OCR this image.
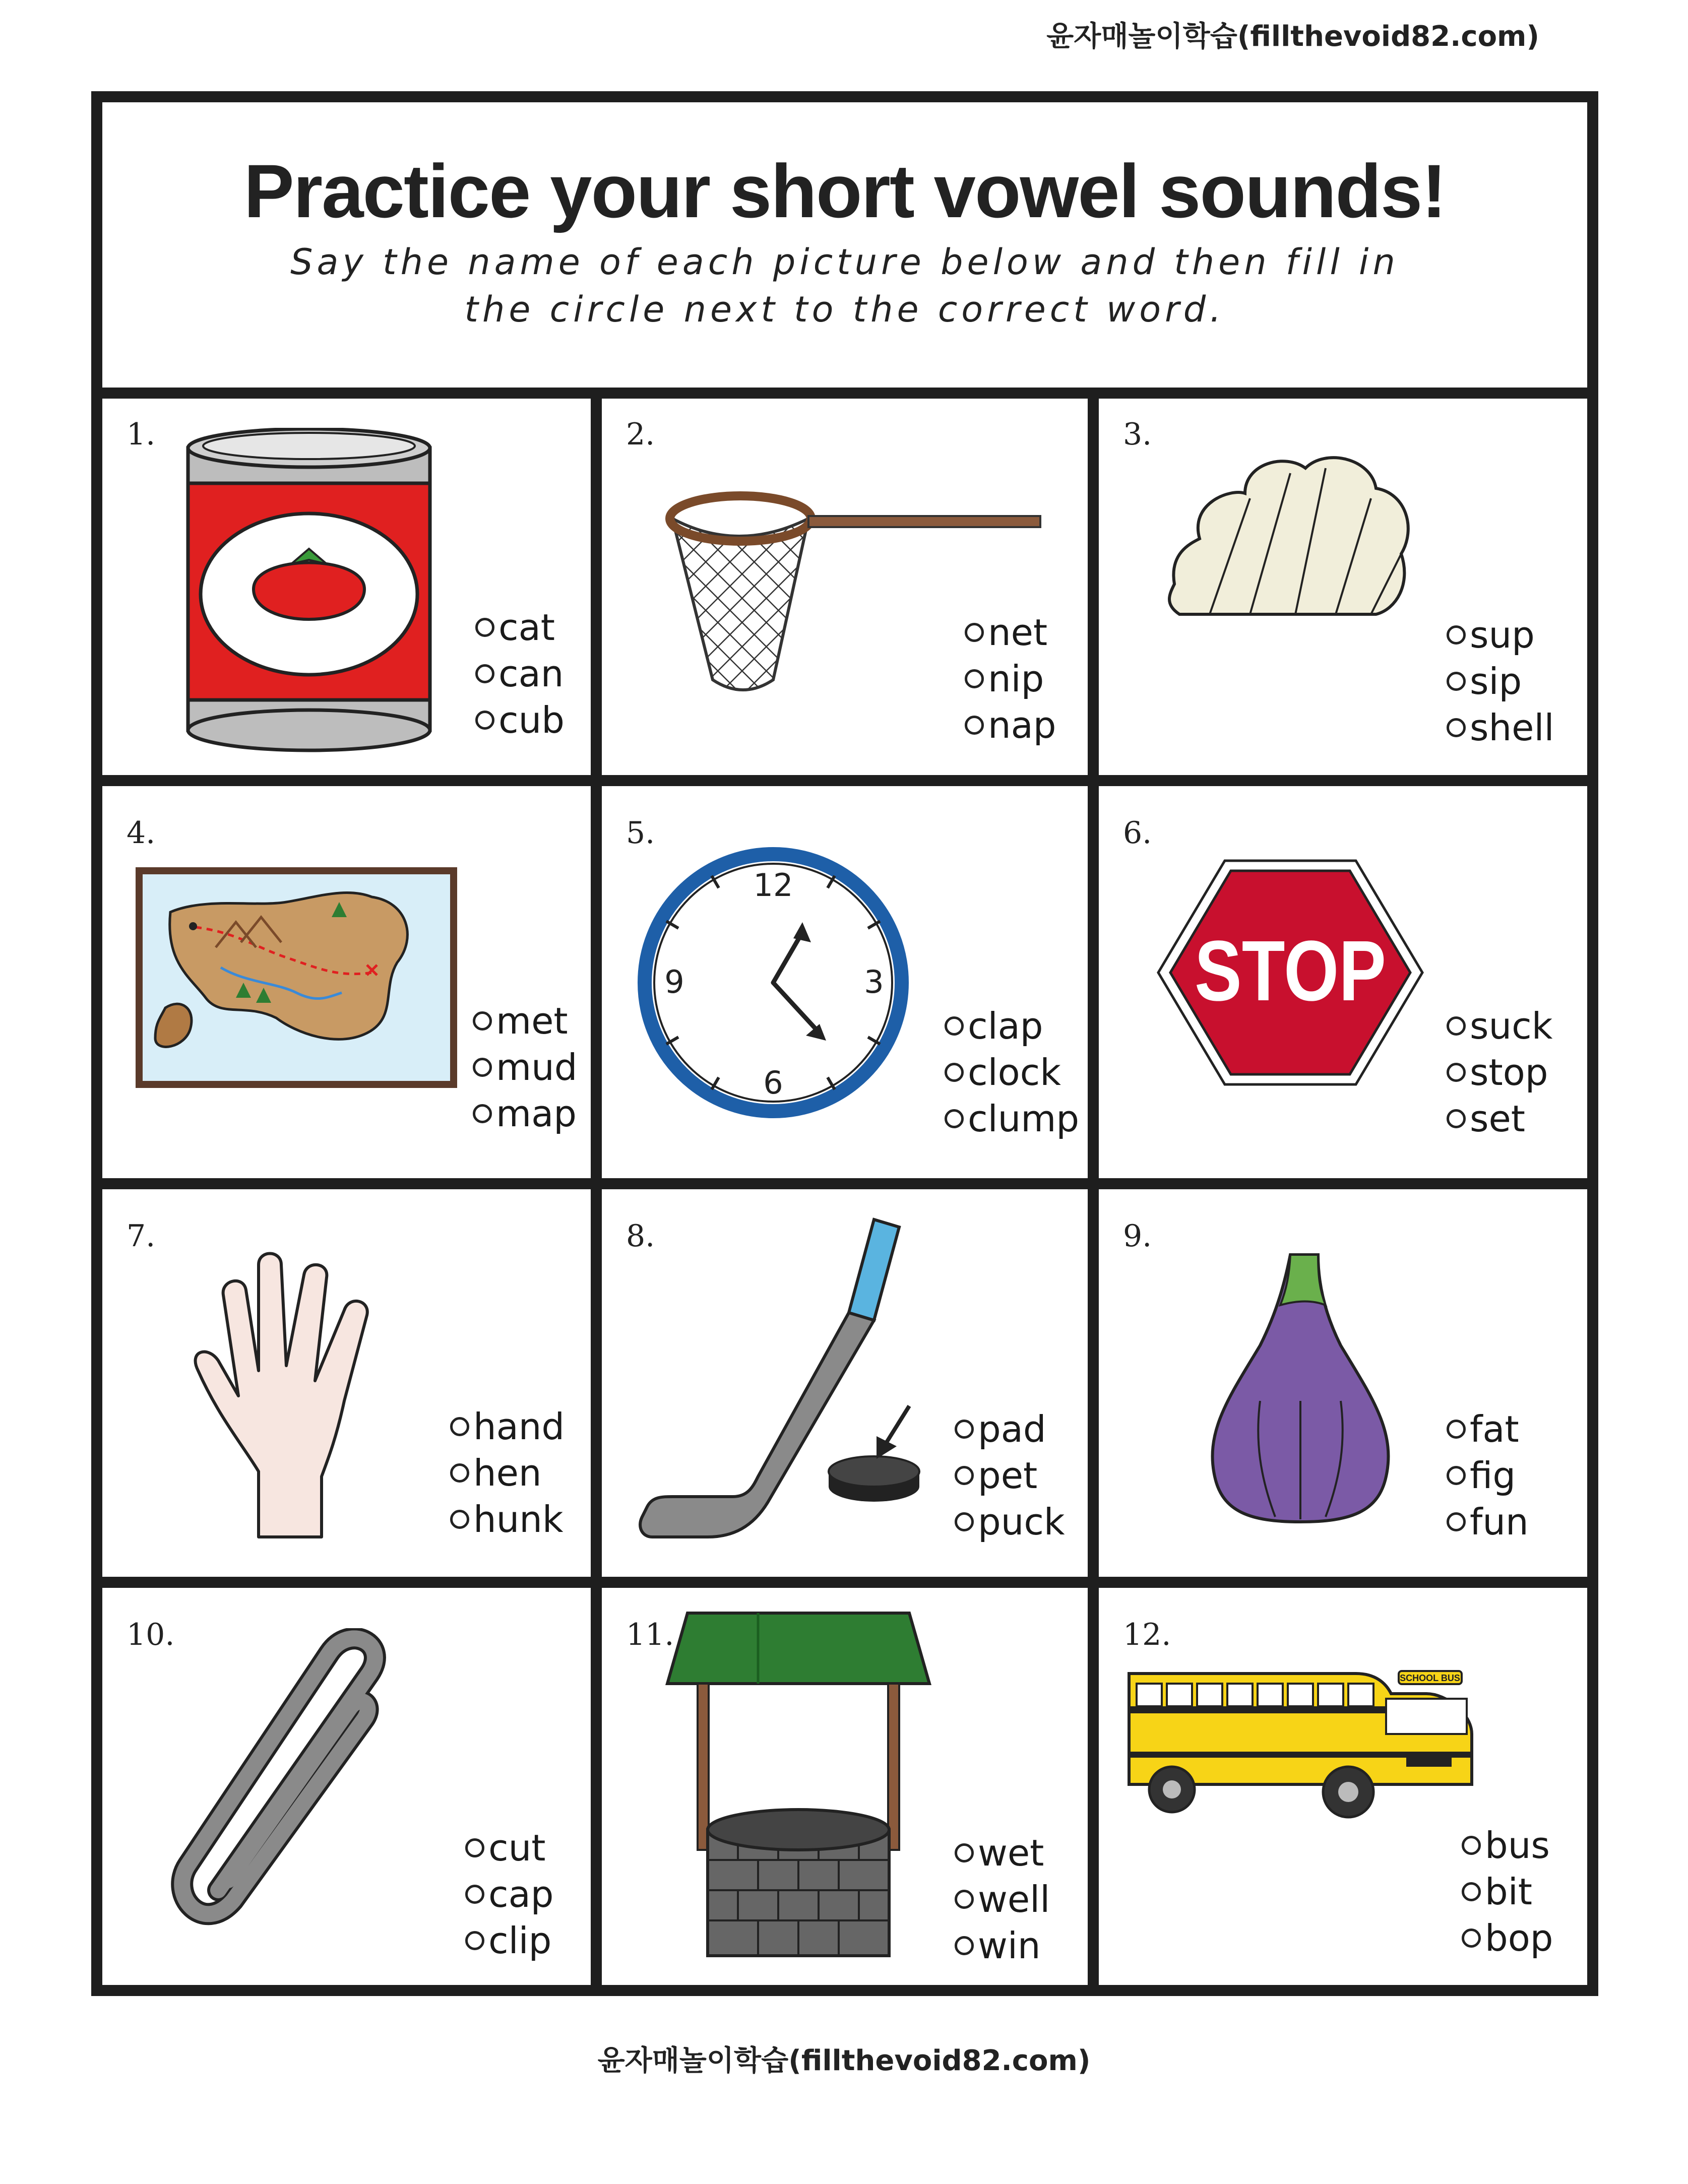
윤자매놀이학습(fillthevoid82.com)
Practice your short vowel sounds!
Say the name of each picture below and then fill in the circle next to the correct word.
1.
cat
can
cub
2.
net
nip
nap
3.
sup
sip
shell
4.
met
mud
map
5.
12
3
6
9
clap
clock
clump
6.
STOP
suck
stop
set
7.
hand
hen
hunk
8.
pad
pet
puck
9.
fat
fig
fun
10.
cut
cap
clip
11.
wet
well
win
12.
SCHOOL BUS
bus
bit
bop
윤자매놀이학습(fillthevoid82.com)
